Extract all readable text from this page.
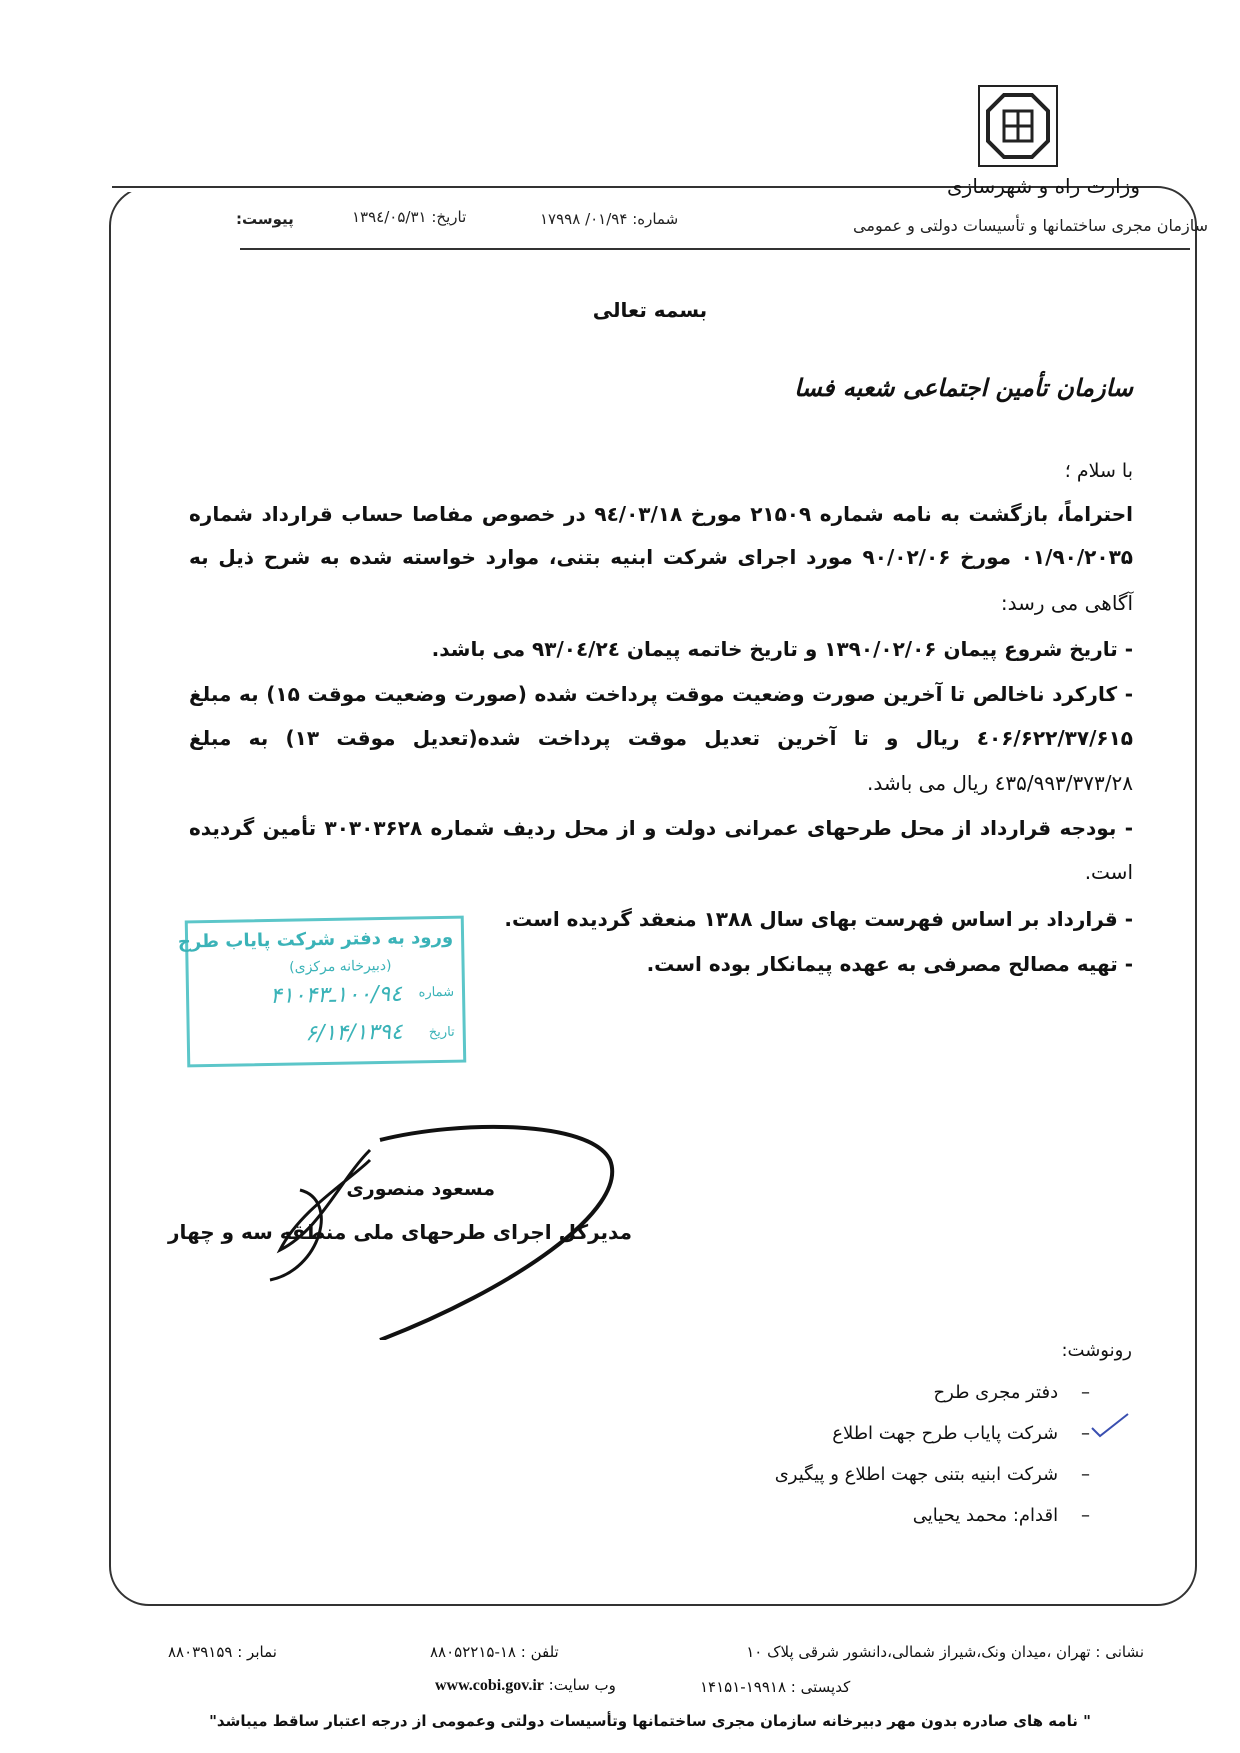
وزارت راه و شهرسازی
سازمان مجری ساختمانها و تأسیسات دولتی و عمومی
شماره: ۰۱/۹۴/ ۱۷۹۹۸
تاریخ: ۱۳۹٤/۰۵/۳۱
پیوست:
بسمه تعالی
سازمان تأمین اجتماعی شعبه فسا
با سلام ؛
احتراماً، بازگشت به نامه شماره ۲۱۵۰۹ مورخ ۹٤/۰۳/۱۸ در خصوص مفاصا حساب قرارداد شماره
۰۱/۹۰/۲۰۳۵ مورخ ۹۰/۰۲/۰۶ مورد اجرای شرکت ابنیه بتنی، موارد خواسته شده به شرح ذیل به
آگاهی می رسد:
- تاریخ شروع پیمان ۱۳۹۰/۰۲/۰۶ و تاریخ خاتمه پیمان ۹۳/۰٤/۲٤ می باشد.
- کارکرد ناخالص تا آخرین صورت وضعیت موقت پرداخت شده (صورت وضعیت موقت ۱۵) به مبلغ
۳۷/۶۱۵/٤۰۶/۶۲۲ ریال و تا آخرین تعدیل موقت پرداخت شده(تعدیل موقت ۱۳) به مبلغ
۲۸/٤۳۵/۹۹۳/۳۷۳ ریال می باشد.
- بودجه قرارداد از محل طرحهای عمرانی دولت و از محل ردیف شماره ۳۰۳۰۳۶۲۸ تأمین گردیده
است.
- قرارداد بر اساس فهرست بهای سال ۱۳۸۸ منعقد گردیده است.
- تهیه مصالح مصرفی به عهده پیمانکار بوده است.
ورود به دفتر شرکت پایاب طرح
(دبیرخانه مرکزی)
شماره
۱۰۰/۹٤ـ۴۱۰۴۳
تاریخ
۱۳۹٤/۶/۱۴
مسعود منصوری
مدیرکل اجرای طرحهای ملی منطقه سه و چهار
رونوشت:
–    دفتر مجری طرح
–    شرکت پایاب طرح جهت اطلاع
–    شرکت ابنیه بتنی جهت اطلاع و پیگیری
–    اقدام: محمد یحیایی
نشانی : تهران ،میدان ونک،شیراز شمالی،دانشور شرقی پلاک ۱۰
تلفن : ۱۸-۸۸۰۵۲۲۱۵
نمابر : ۸۸۰۳۹۱۵۹
کدپستی : ۱۹۹۱۸-۱۴۱۵۱
وب سایت: www.cobi.gov.ir
" نامه های صادره بدون مهر دبیرخانه سازمان مجری ساختمانها وتأسیسات دولتی وعمومی از درجه اعتبار ساقط میباشد"
